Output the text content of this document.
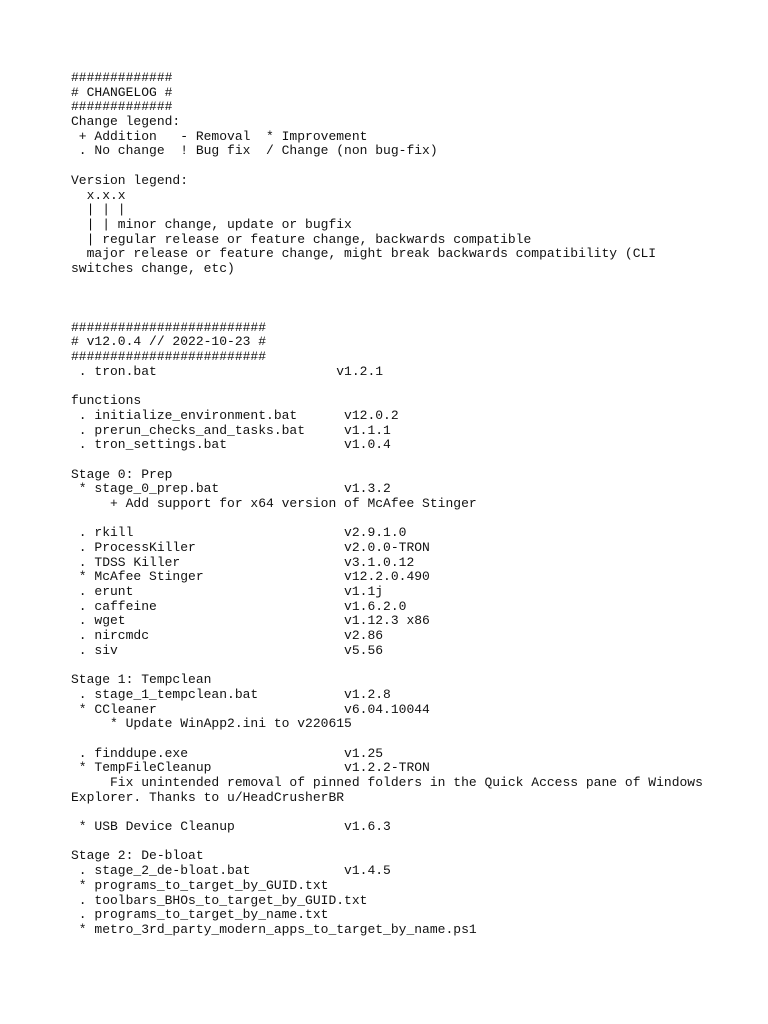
#############
# CHANGELOG #
#############
Change legend:
+ Addition   - Removal  * Improvement
. No change  ! Bug fix  / Change (non bug-fix)
Version legend:
x.x.x
| | |
| | minor change, update or bugfix
| regular release or feature change, backwards compatible
major release or feature change, might break backwards compatibility (CLI
switches change, etc)
#########################
# v12.0.4 // 2022-10-23 #
#########################
. tron.bat                       v1.2.1
functions
. initialize_environment.bat      v12.0.2
. prerun_checks_and_tasks.bat     v1.1.1
. tron_settings.bat               v1.0.4
Stage 0: Prep
* stage_0_prep.bat                v1.3.2
+ Add support for x64 version of McAfee Stinger
. rkill                           v2.9.1.0
. ProcessKiller                   v2.0.0-TRON
. TDSS Killer                     v3.1.0.12
* McAfee Stinger                  v12.2.0.490
. erunt                           v1.1j
. caffeine                        v1.6.2.0
. wget                            v1.12.3 x86
. nircmdc                         v2.86
. siv                             v5.56
Stage 1: Tempclean
. stage_1_tempclean.bat           v1.2.8
* CCleaner                        v6.04.10044
* Update WinApp2.ini to v220615
. finddupe.exe                    v1.25
* TempFileCleanup                 v1.2.2-TRON
Fix unintended removal of pinned folders in the Quick Access pane of Windows
Explorer. Thanks to u/HeadCrusherBR
* USB Device Cleanup              v1.6.3
Stage 2: De-bloat
. stage_2_de-bloat.bat            v1.4.5
* programs_to_target_by_GUID.txt
. toolbars_BHOs_to_target_by_GUID.txt
. programs_to_target_by_name.txt
* metro_3rd_party_modern_apps_to_target_by_name.ps1
